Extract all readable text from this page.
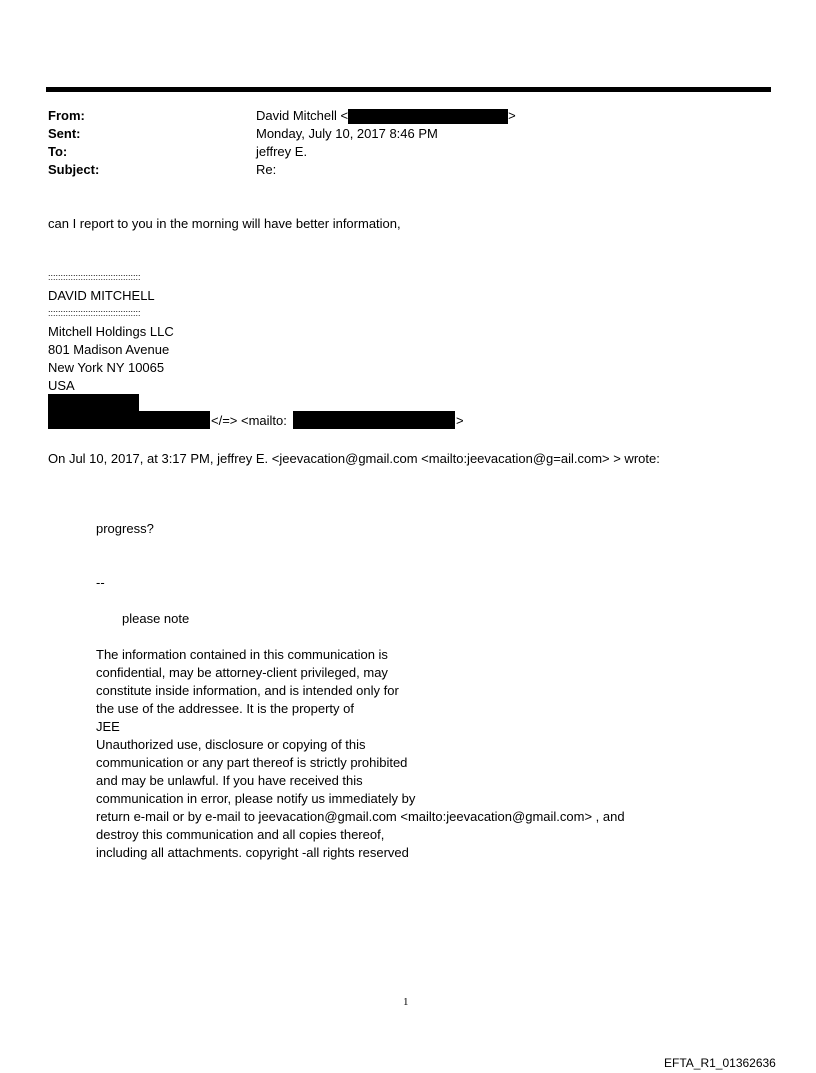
From:	David Mitchell <	>
Sent:	Monday, July 10, 2017 8:46 PM
To:	jeffrey E.
Subject:	Re:
can I report to you in the morning will have better information,
:::::::::::::::::::::::::::::::::::::
DAVID MITCHELL
:::::::::::::::::::::::::::::::::::::
Mitchell Holdings LLC
801 Madison Avenue
New York NY 10065
USA
</=> <mailto:	>
On Jul 10, 2017, at 3:17 PM, jeffrey E. <jeevacation@gmail.com <mailto:jeevacation@g=ail.com> > wrote:
progress?
--
please note
The information contained in this communication is
confidential, may be attorney-client privileged, may
constitute inside information, and is intended only for
the use of the addressee. It is the property of
JEE
Unauthorized use, disclosure or copying of this
communication or any part thereof is strictly prohibited
and may be unlawful. If you have received this
communication in error, please notify us immediately by
return e-mail or by e-mail to jeevacation@gmail.com <mailto:jeevacation@gmail.com> , and
destroy this communication and all copies thereof,
including all attachments. copyright -all rights reserved
1
EFTA_R1_01362636
